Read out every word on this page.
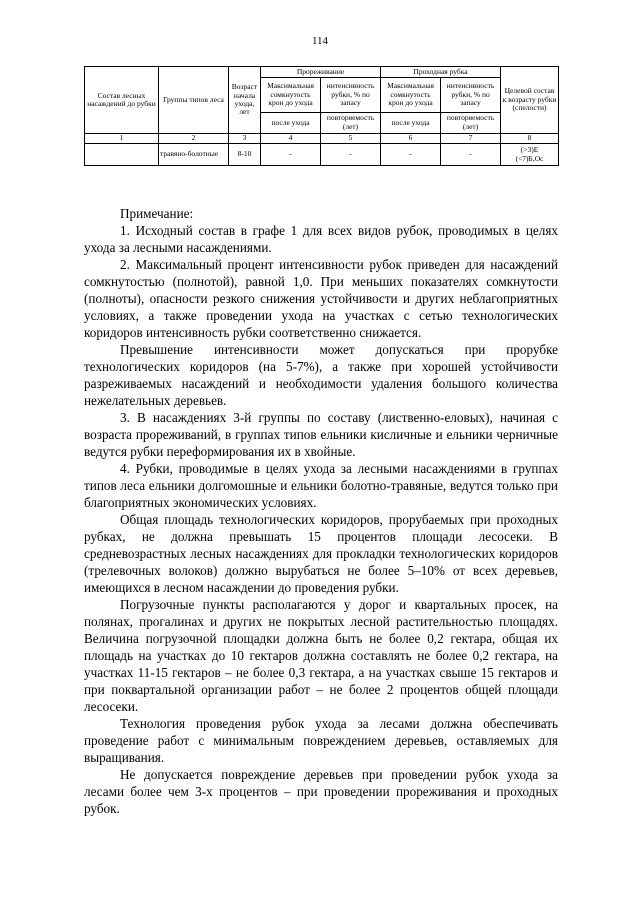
114
Состав лесных насаждений до рубки	Группы типов леса	Возраст начала ухода, лет	Прореживание		Проходная рубка		Целевой состав к возрасту рубки (спелости)
			Максимальная сомкнутость крон до ухода	интенсивность рубки, % по запасу	Максимальная сомкнутость крон до ухода	интенсивность рубки, % по запасу	
			после ухода	повторяемость (лет)	после ухода	повторяемость (лет)	
1	2	3	4	5	6	7	8
	травяно-болотные	8-10	-	-	-	-	(>3)Е
(<7)Б,Ос

Примечание:

1. Исходный состав в графе 1 для всех видов рубок, проводимых в целях ухода за лесными насаждениями.

2. Максимальный процент интенсивности рубок приведен для насаждений сомкнутостью (полнотой), равной 1,0. При меньших показателях сомкнутости (полноты), опасности резкого снижения устойчивости и других неблагоприятных условиях, а также проведении ухода на участках с сетью технологических коридоров интенсивность рубки соответственно снижается.

Превышение интенсивности может допускаться при прорубке технологических коридоров (на 5-7%), а также при хорошей устойчивости разреживаемых насаждений и необходимости удаления большого количества нежелательных деревьев.

3. В насаждениях 3-й группы по составу (лиственно-еловых), начиная с возраста прореживаний, в группах типов ельники кисличные и ельники черничные ведутся рубки переформирования их в хвойные.

4. Рубки, проводимые в целях ухода за лесными насаждениями в группах типов леса ельники долгомошные и ельники болотно-травяные, ведутся только при благоприятных экономических условиях.

Общая площадь технологических коридоров, прорубаемых при проходных рубках, не должна превышать 15 процентов площади лесосеки. В средневозрастных лесных насаждениях для прокладки технологических коридоров (трелевочных волоков) должно вырубаться не более 5–10% от всех деревьев, имеющихся в лесном насаждении до проведения рубки.

Погрузочные пункты располагаются у дорог и квартальных просек, на полянах, прогалинах и других не покрытых лесной растительностью площадях. Величина погрузочной площадки должна быть не более 0,2 гектара, общая их площадь на участках до 10 гектаров должна составлять не более 0,2 гектара, на участках 11-15 гектаров – не более 0,3 гектара, а на участках свыше 15 гектаров и при поквартальной организации работ – не более 2 процентов общей площади лесосеки.

Технология проведения рубок ухода за лесами должна обеспечивать проведение работ с минимальным повреждением деревьев, оставляемых для выращивания.

Не допускается повреждение деревьев при проведении рубок ухода за лесами более чем 3-х процентов – при проведении прореживания и проходных рубок.
